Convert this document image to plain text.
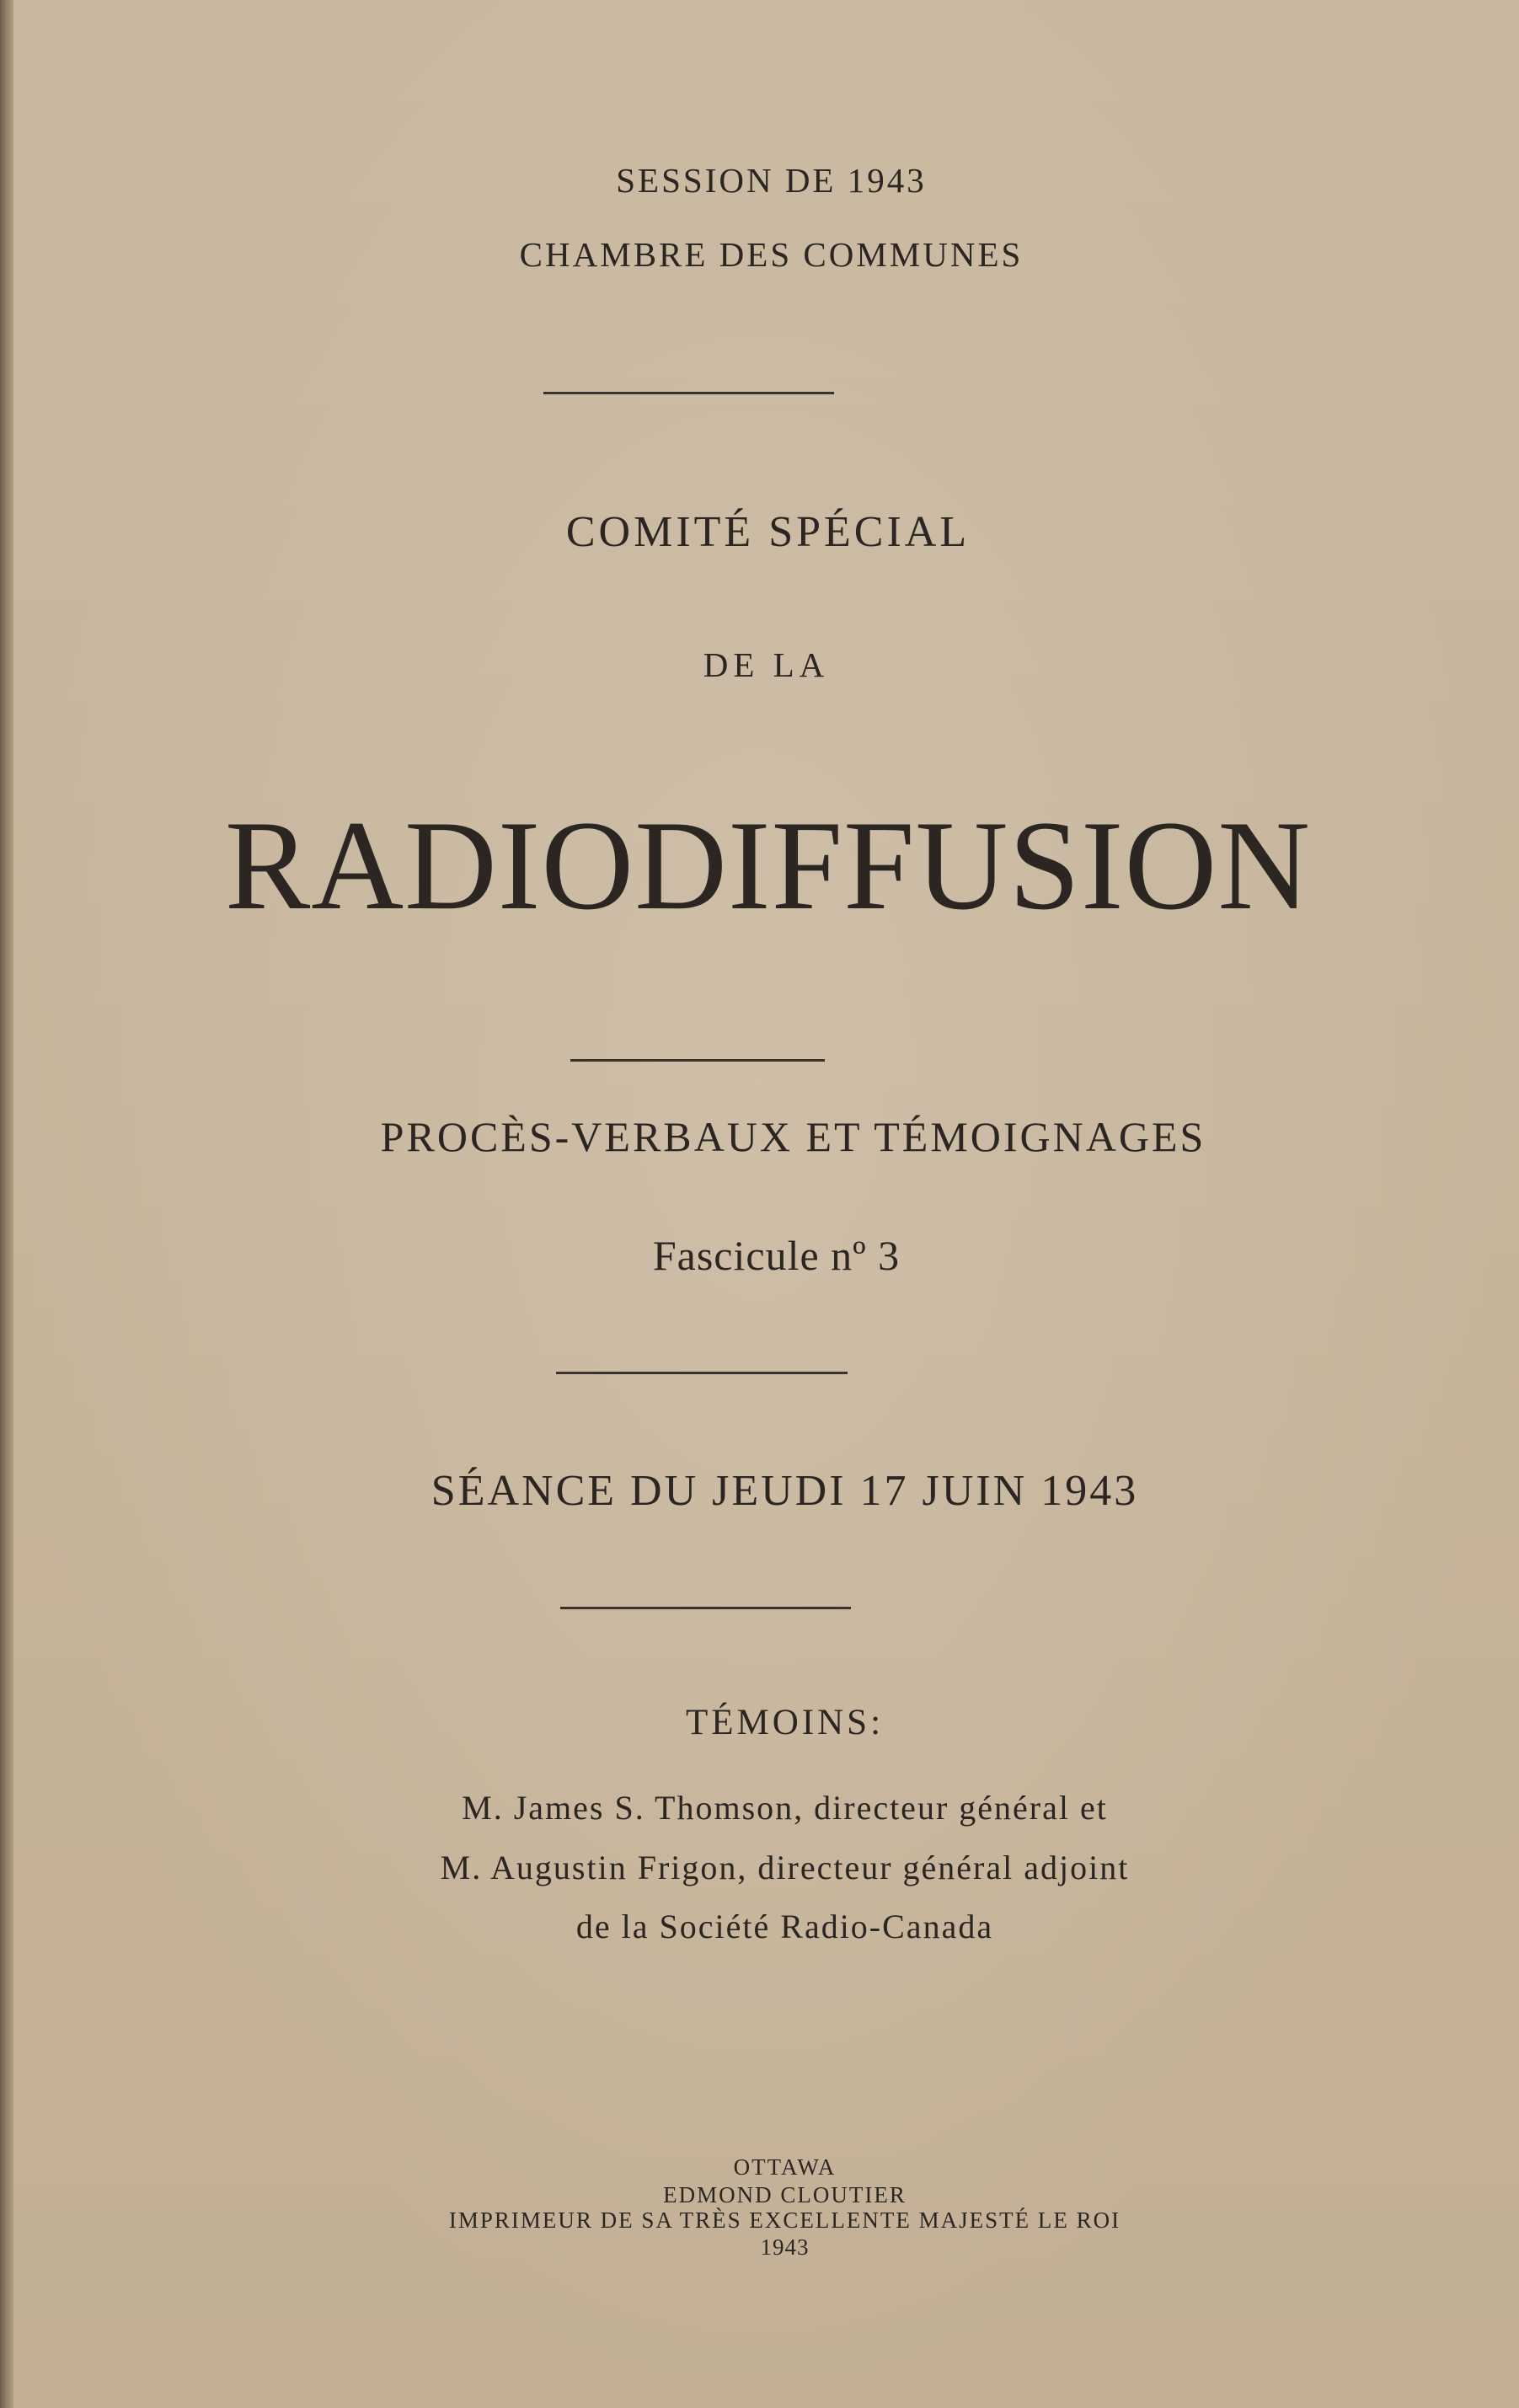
SESSION DE 1943
CHAMBRE DES COMMUNES
COMITÉ SPÉCIAL
DE LA
RADIODIFFUSION
PROCÈS-VERBAUX ET TÉMOIGNAGES
Fascicule nº 3
SÉANCE DU JEUDI 17 JUIN 1943
TÉMOINS:
M. James S. Thomson, directeur général et
M. Augustin Frigon, directeur général adjoint
de la Société Radio-Canada
OTTAWA
EDMOND CLOUTIER
IMPRIMEUR DE SA TRÈS EXCELLENTE MAJESTÉ LE ROI
1943
